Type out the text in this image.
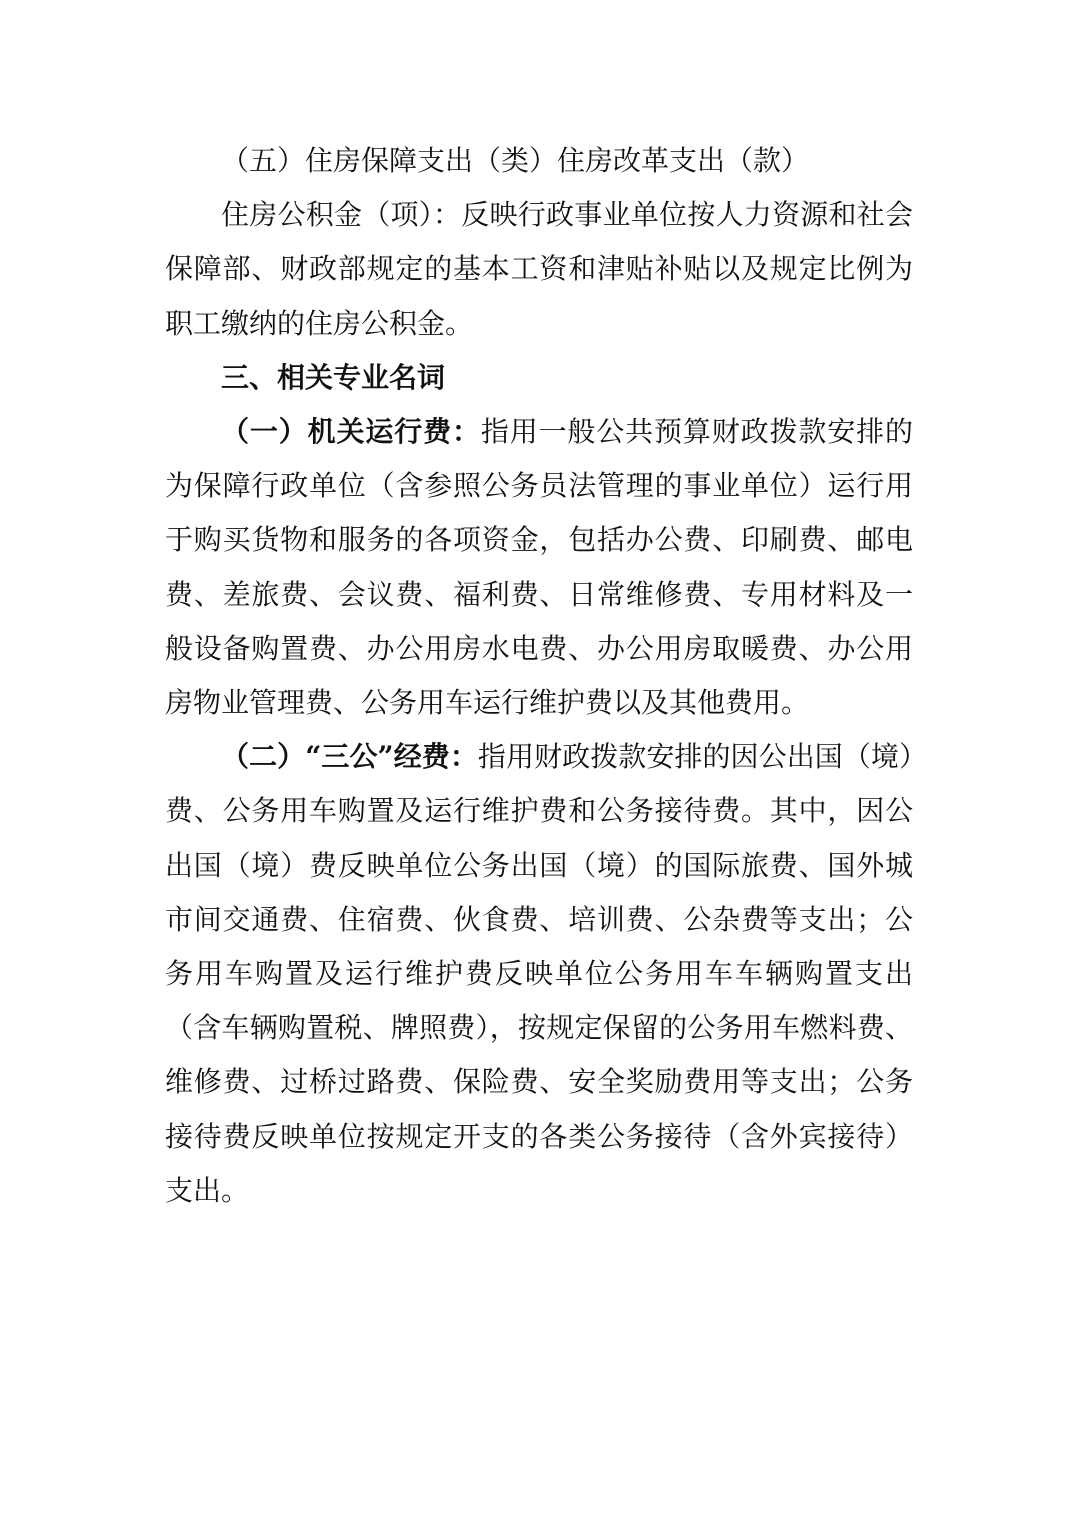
（五）住房保障支出（类）住房改革支出（款）

住房公积金（项）：反映行政事业单位按人力资源和社会保障部、财政部规定的基本工资和津贴补贴以及规定比例为职工缴纳的住房公积金。

三、相关专业名词

（一）机关运行费：指用一般公共预算财政拨款安排的为保障行政单位（含参照公务员法管理的事业单位）运行用于购买货物和服务的各项资金，包括办公费、印刷费、邮电费、差旅费、会议费、福利费、日常维修费、专用材料及一般设备购置费、办公用房水电费、办公用房取暖费、办公用房物业管理费、公务用车运行维护费以及其他费用。

（二）“三公”经费：指用财政拨款安排的因公出国（境）费、公务用车购置及运行维护费和公务接待费。其中，因公出国（境）费反映单位公务出国（境）的国际旅费、国外城市间交通费、住宿费、伙食费、培训费、公杂费等支出；公务用车购置及运行维护费反映单位公务用车车辆购置支出（含车辆购置税、牌照费），按规定保留的公务用车燃料费、维修费、过桥过路费、保险费、安全奖励费用等支出；公务接待费反映单位按规定开支的各类公务接待（含外宾接待）支出。
